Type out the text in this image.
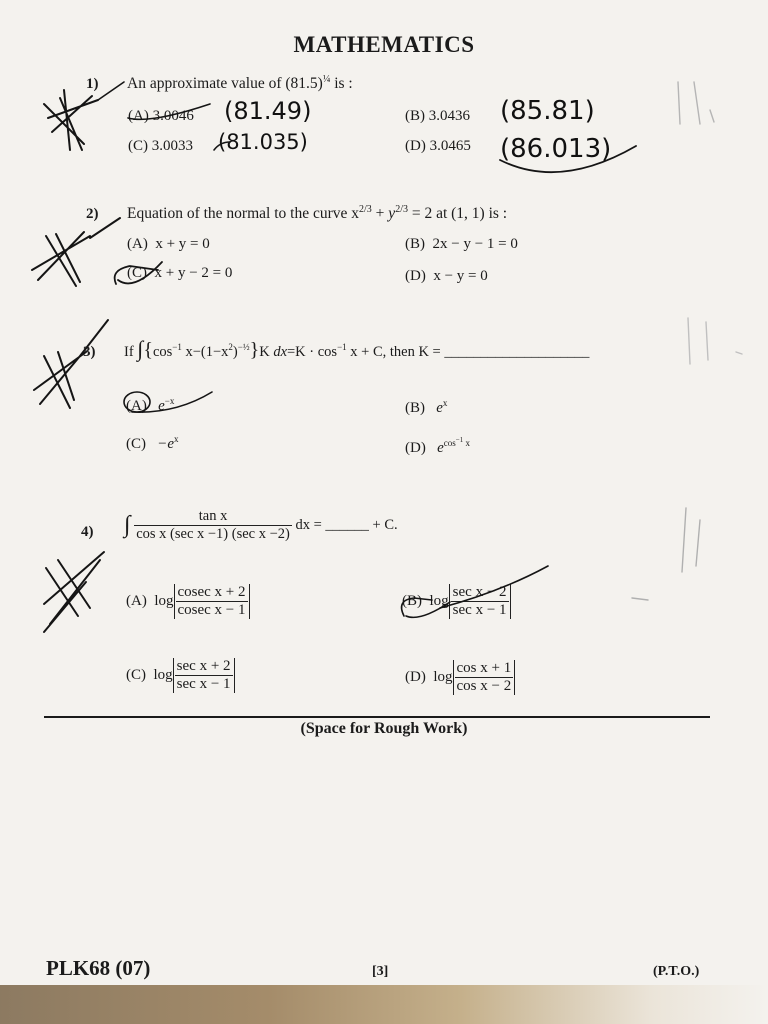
MATHEMATICS
1) An approximate value of $(81.5)^{\frac{1}{4}}$ is :
(A) 3.0046 (81.49)	(B) 3.0436 (85.81)
(C) 3.0033 (81.035)	(D) 3.0465 (86.013)
2) Equation of the normal to the curve $x^{2/3} + y^{2/3} = 2$ at (1, 1) is :
(A) x + y = 0	(B) 2x − y − 1 = 0
(C) x + y − 2 = 0	(D) x − y = 0
3) If $\int\{\cos^{-1}$ $x-(1-x^2)^{-\frac{1}{2}}\}K$ $dx=K \cdot \cos^{-1} x + C$, then K = ____________________
(A) $e^{-x}$	(B) $e^x$
$(C) -e^x$
(D) $e^{cos^{-1} x}$
4) ∫ $\frac{\text{tan x}}{\text{cos x (sec x −1) (sec x −2)}}$ dx = ______ + C.
(A) $\log \frac{\text{cosec x + 2}}{\text{cosec x − 1}}$	(B) $\log \frac{\text{sec x − 2}}{\text{sec x − 1}}$
(C) $\log \frac{\text{sec x + 2}}{\text{sec x − 1}}$	(D) $\log \frac{\text{cos x + 1}}{\text{cos x − 2}}$
(Space for Rough Work)
PLK68 (07)	[3]	(P.T.O.)
